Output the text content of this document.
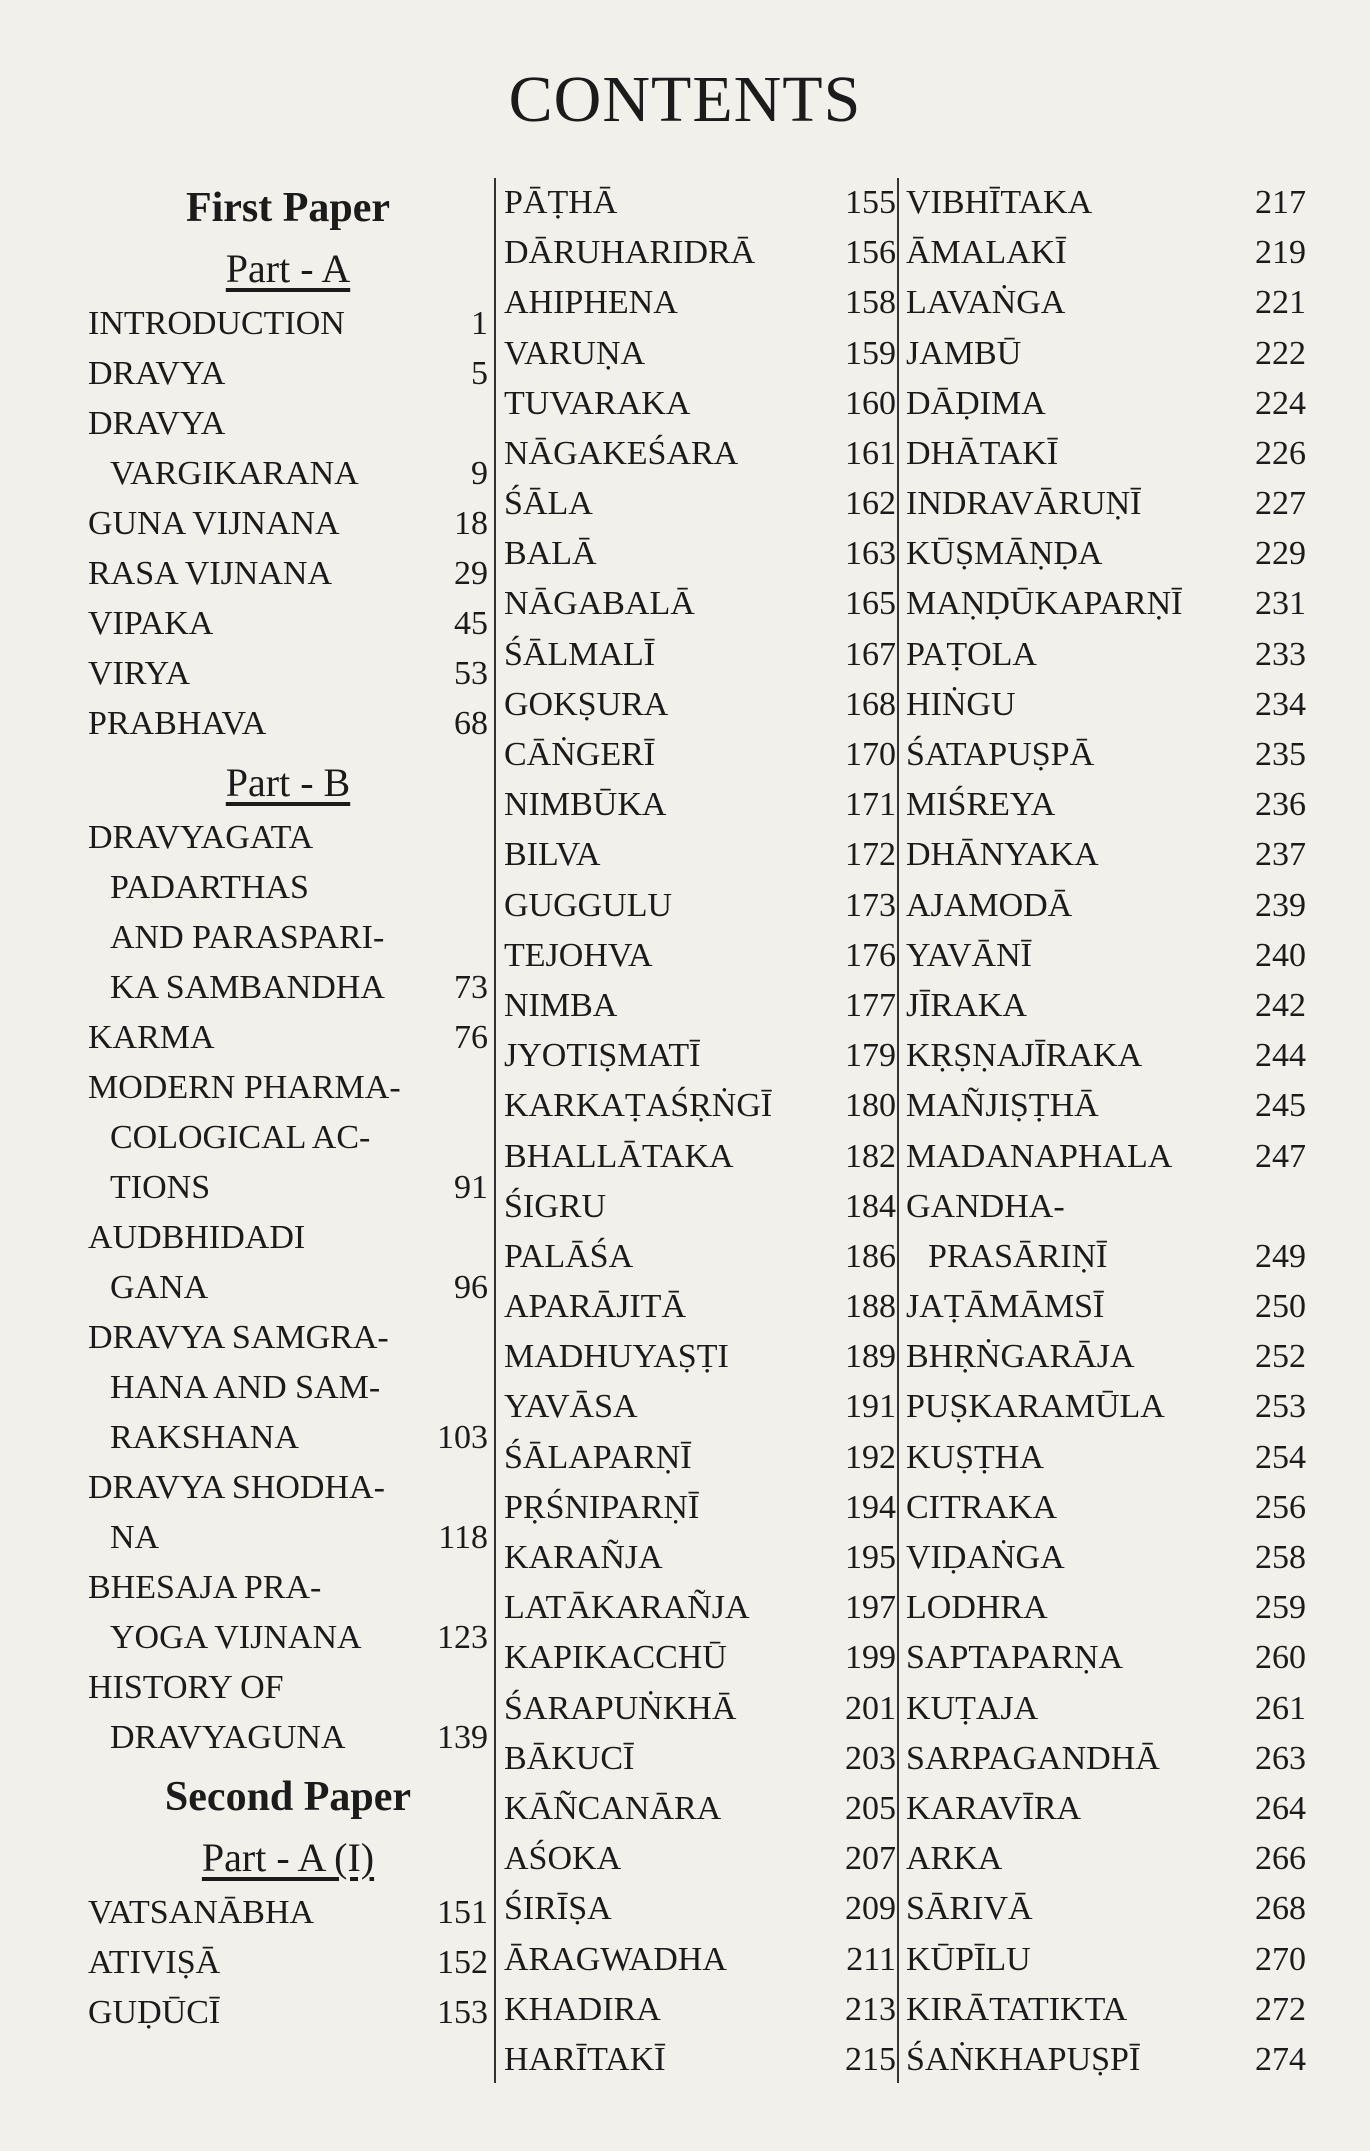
CONTENTS
First Paper
Part - A
INTRODUCTION	1
DRAVYA	5
DRAVYA
VARGIKARANA	9
GUNA VIJNANA	18
RASA VIJNANA	29
VIPAKA	45
VIRYA	53
PRABHAVA	68
Part - B
DRAVYAGATA
PADARTHAS
AND PARASPARI-
KA SAMBANDHA 73
KARMA	76
MODERN PHARMA-
COLOGICAL AC-
TIONS	91
AUDBHIDADI
GANA	96
DRAVYA SAMGRA-
HANA AND SAM-
RAKSHANA	103
DRAVYA SHODHA-
NA	118
BHESAJA PRA-
YOGA VIJNANA 123
HISTORY OF
DRAVYAGUNA	139
Second Paper
Part - A (I)
VATSANĀBHA	151
ATIVIṢĀ	152
GUḌŪCĪ	153
PĀṬHĀ	155
DĀRUHARIDRĀ	156
AHIPHENA	158
VARUṆA	159
TUVARAKA	160
NĀGAKEŚARA	161
ŚĀLA	162
BALĀ	163
NĀGABALĀ	165
ŚĀLMALĪ	167
GOKṢURA	168
CĀṄGERĪ	170
NIMBŪKA	171
BILVA	172
GUGGULU	173
TEJOHVA	176
NIMBA	177
JYOTIṢMATĪ	179
KARKAṬAŚṚṄGĪ 180
BHALLĀTAKA	182
ŚIGRU	184
PALĀŚA	186
APARĀJITĀ	188
MADHUYAṢṬI	189
YAVĀSA	191
ŚĀLAPARṆĪ	192
PṚŚNIPARṆĪ	194
KARAÑJA	195
LATĀKARAÑJA	197
KAPIKACCHŪ	199
ŚARAPUṄKHĀ	201
BĀKUCĪ	203
KĀÑCANĀRA	205
AŚOKA	207
ŚIRĪṢA	209
ĀRAGWADHA	211
KHADIRA	213
HARĪTAKĪ	215
VIBHĪTAKA	217
ĀMALAKĪ	219
LAVAṄGA	221
JAMBŪ	222
DĀḌIMA	224
DHĀTAKĪ	226
INDRAVĀRUṆĪ	227
KŪṢMĀṆḌA	229
MAṆḌŪKAPARṆĪ 231
PAṬOLA	233
HIṄGU	234
ŚATAPUṢPĀ	235
MIŚREYA	236
DHĀNYAKA	237
AJAMODĀ	239
YAVĀNĪ	240
JĪRAKA	242
KṚṢṆAJĪRAKA	244
MAÑJIṢṬHĀ	245
MADANAPHALA 247
GANDHA-
PRASĀRIṆĪ	249
JAṬĀMĀMSĪ	250
BHṚṄGARĀJA	252
PUṢKARAMŪLA	253
KUṢṬHA	254
CITRAKA	256
VIḌAṄGA	258
LODHRA	259
SAPTAPARṆA	260
KUṬAJA	261
SARPAGANDHĀ	263
KARAVĪRA	264
ARKA	266
SĀRIVĀ	268
KŪPĪLU	270
KIRĀTATIKTA	272
ŚAṄKHAPUṢPĪ	274
